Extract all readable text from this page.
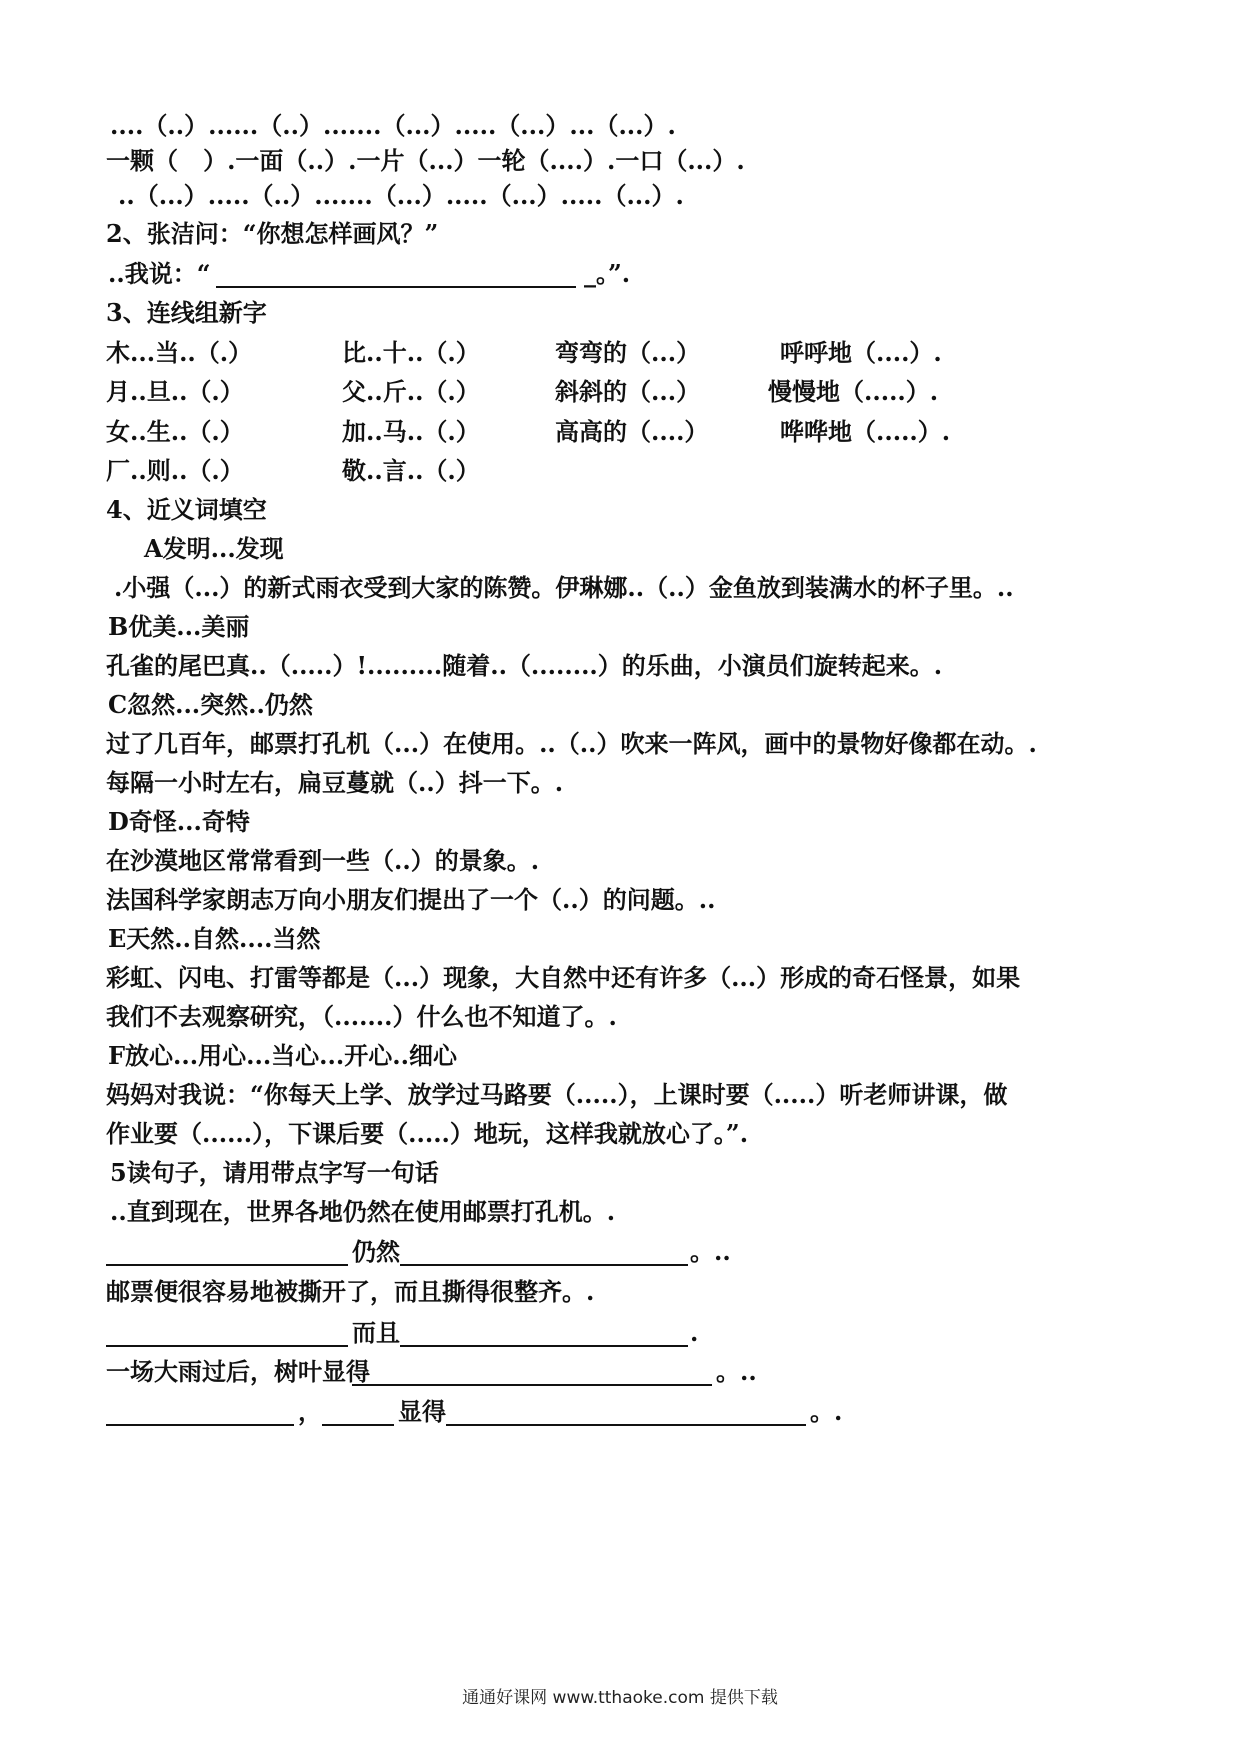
....（..）......（..）.......（...）.....（...）...（...）.
一颗（   ）.一面（..）.一片（...）一轮（....）.一口（...）.
..（...）.....（..）.......（...）.....（...）.....（...）.
2、张洁问：“你想怎样画风？”
..我说：“	_。”.
3、连线组新字
木...当..（.）	比..十..（.）	弯弯的（...）	呼呼地（....）.
月..旦..（.）	父..斤..（.）	斜斜的（...）	慢慢地（.....）.
女..生..（.）	加..马..（.）	高高的（....）	哗哗地（.....）.
厂..则..（.）	敬..言..（.）
4、近义词填空
A发明...发现
.小强（...）的新式雨衣受到大家的陈赞。伊琳娜..（..）金鱼放到装满水的杯子里。..
B优美...美丽
孔雀的尾巴真..（.....）!.........随着..（........）的乐曲，小演员们旋转起来。.
C忽然...突然..仍然
过了几百年，邮票打孔机（...）在使用。..（..）吹来一阵风，画中的景物好像都在动。.
每隔一小时左右，扁豆蔓就（..）抖一下。.
D奇怪...奇特
在沙漠地区常常看到一些（..）的景象。.
法国科学家朗志万向小朋友们提出了一个（..）的问题。..
E天然..自然....当然
彩虹、闪电、打雷等都是（...）现象，大自然中还有许多（...）形成的奇石怪景，如果
我们不去观察研究，（.......）什么也不知道了。.
F放心...用心...当心...开心..细心
妈妈对我说：“你每天上学、放学过马路要（.....），上课时要（.....）听老师讲课，做
作业要（......），下课后要（.....）地玩，这样我就放心了。”.
5读句子，请用带点字写一句话
..直到现在，世界各地仍然在使用邮票打孔机。.
仍然	。..
邮票便很容易地被撕开了，而且撕得很整齐。.
而且	.
一场大雨过后，树叶显得	。..
，	显得	。.
通通好课网 www.tthaoke.com 提供下载
